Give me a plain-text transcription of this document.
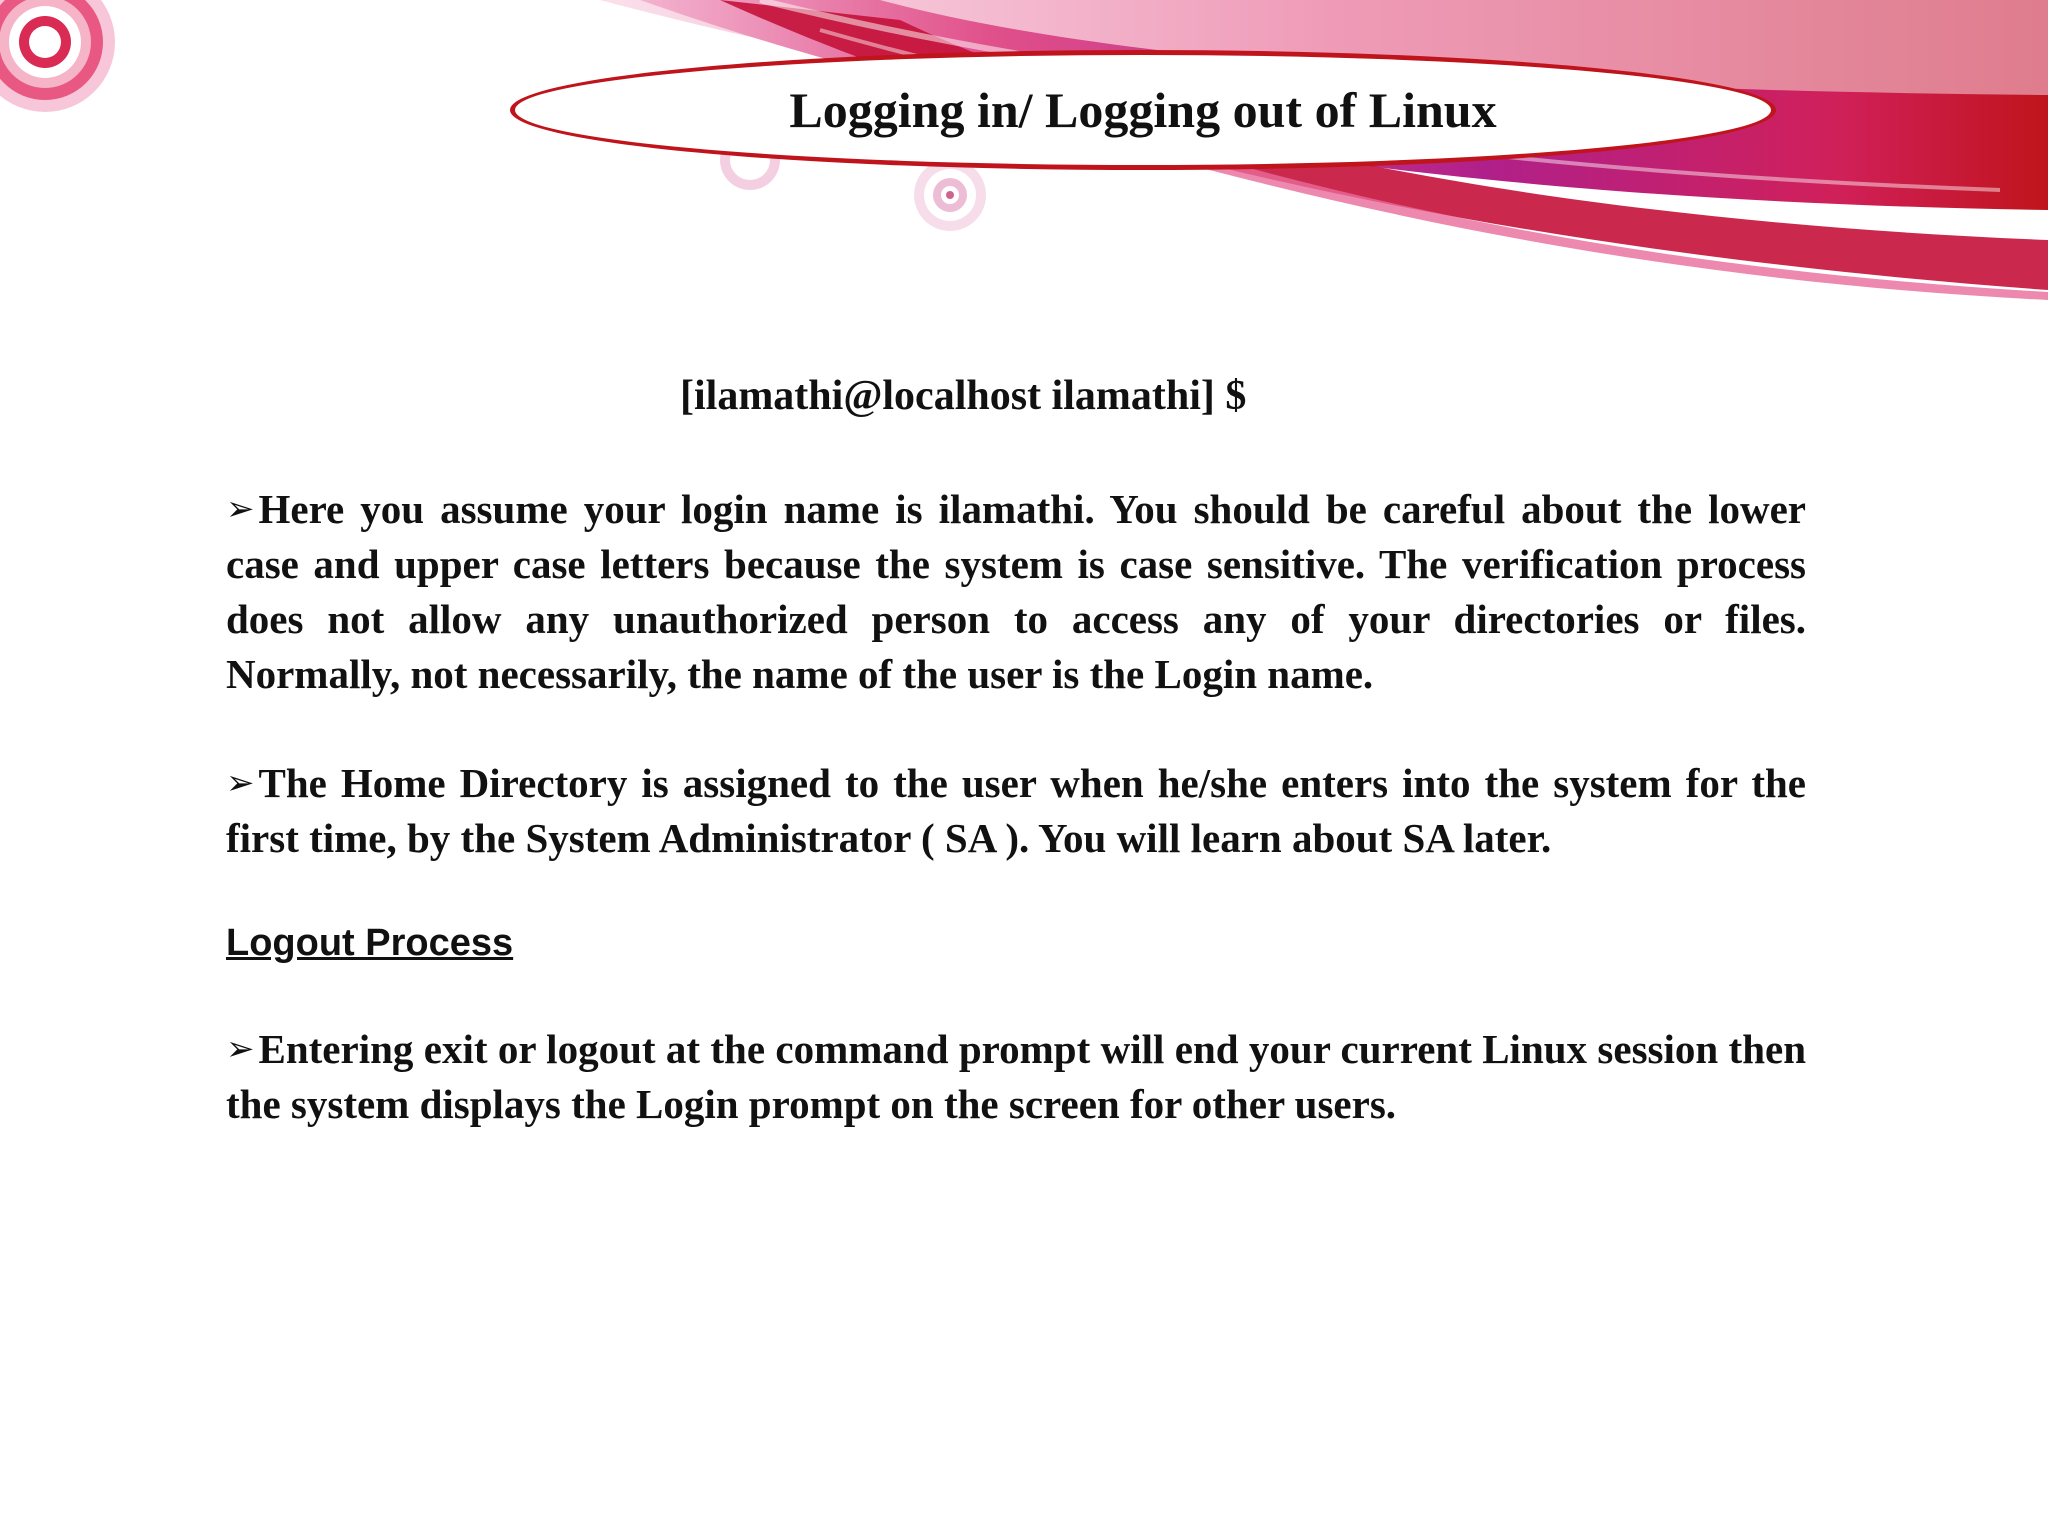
Logging in/ Logging out of Linux
[ilamathi@localhost ilamathi] $

➢Here you assume your login name is ilamathi. You should be careful about the lower case and upper case letters because the system is case sensitive. The verification process does not allow any unauthorized person to access any of your directories or files. Normally, not necessarily, the name of the user is the Login name.

➢The Home Directory is assigned to the user when he/she enters into the system for the first time, by the System Administrator ( SA ). You will learn about SA later.

Logout Process

➢Entering exit or logout at the command prompt will end your current Linux session then the system displays the Login prompt on the screen for other users.
